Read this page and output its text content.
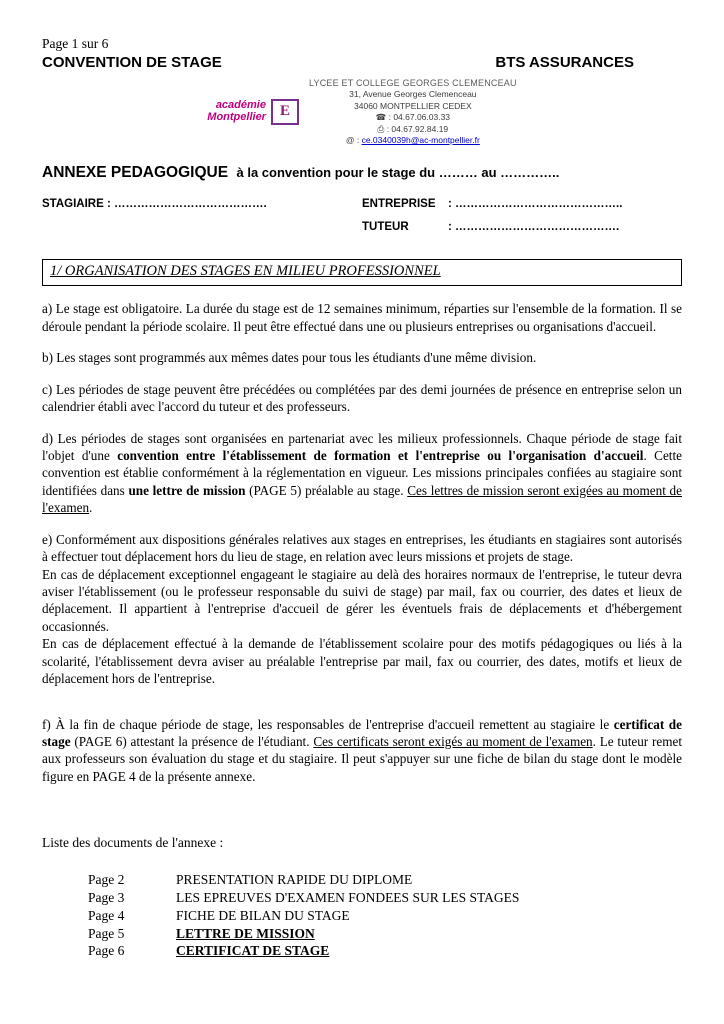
Page 1 sur 6
CONVENTION DE STAGE	BTS ASSURANCES
académie
Montpellier E
LYCEE ET COLLEGE GEORGES CLEMENCEAU
31, Avenue Georges Clemenceau
34060 MONTPELLIER CEDEX
☎ : 04.67.06.03.33
⎙ : 04.67.92.84.19
@ : ce.0340039h@ac-montpellier.fr
ANNEXE PEDAGOGIQUE à la convention pour le stage du ……… au …………..
STAGIAIRE : ………………………………….	ENTREPRISE : ……………………………………..
TUTEUR	: …………………………………….
1/ ORGANISATION DES STAGES EN MILIEU PROFESSIONNEL

a) Le stage est obligatoire. La durée du stage est de 12 semaines minimum, réparties sur l'ensemble de la formation. Il se déroule pendant la période scolaire. Il peut être effectué dans une ou plusieurs entreprises ou organisations d'accueil.

b) Les stages sont programmés aux mêmes dates pour tous les étudiants d'une même division.

c) Les périodes de stage peuvent être précédées ou complétées par des demi journées de présence en entreprise selon un calendrier établi avec l'accord du tuteur et des professeurs.

d) Les périodes de stages sont organisées en partenariat avec les milieux professionnels. Chaque période de stage fait l'objet d'une convention entre l'établissement de formation et l'entreprise ou l'organisation d'accueil. Cette convention est établie conformément à la réglementation en vigueur. Les missions principales confiées au stagiaire sont identifiées dans une lettre de mission (PAGE 5) préalable au stage. Ces lettres de mission seront exigées au moment de l'examen.

e) Conformément aux dispositions générales relatives aux stages en entreprises, les étudiants en stagiaires sont autorisés à effectuer tout déplacement hors du lieu de stage, en relation avec leurs missions et projets de stage.
En cas de déplacement exceptionnel engageant le stagiaire au delà des horaires normaux de l'entreprise, le tuteur devra aviser l'établissement (ou le professeur responsable du suivi de stage) par mail, fax ou courrier, des dates et lieux de déplacement. Il appartient à l'entreprise d'accueil de gérer les éventuels frais de déplacements et d'hébergement occasionnés.
En cas de déplacement effectué à la demande de l'établissement scolaire pour des motifs pédagogiques ou liés à la scolarité, l'établissement devra aviser au préalable l'entreprise par mail, fax ou courrier, des dates, motifs et lieux de déplacement hors de l'entreprise.

f) À la fin de chaque période de stage, les responsables de l'entreprise d'accueil remettent au stagiaire le certificat de stage (PAGE 6) attestant la présence de l'étudiant. Ces certificats seront exigés au moment de l'examen. Le tuteur remet aux professeurs son évaluation du stage et du stagiaire. Il peut s'appuyer sur une fiche de bilan du stage dont le modèle figure en PAGE 4 de la présente annexe.

Liste des documents de l'annexe :
Page 2	PRESENTATION RAPIDE DU DIPLOME
Page 3	LES EPREUVES D'EXAMEN FONDEES SUR LES STAGES
Page 4	FICHE DE BILAN DU STAGE
Page 5	LETTRE DE MISSION
Page 6	CERTIFICAT DE STAGE
